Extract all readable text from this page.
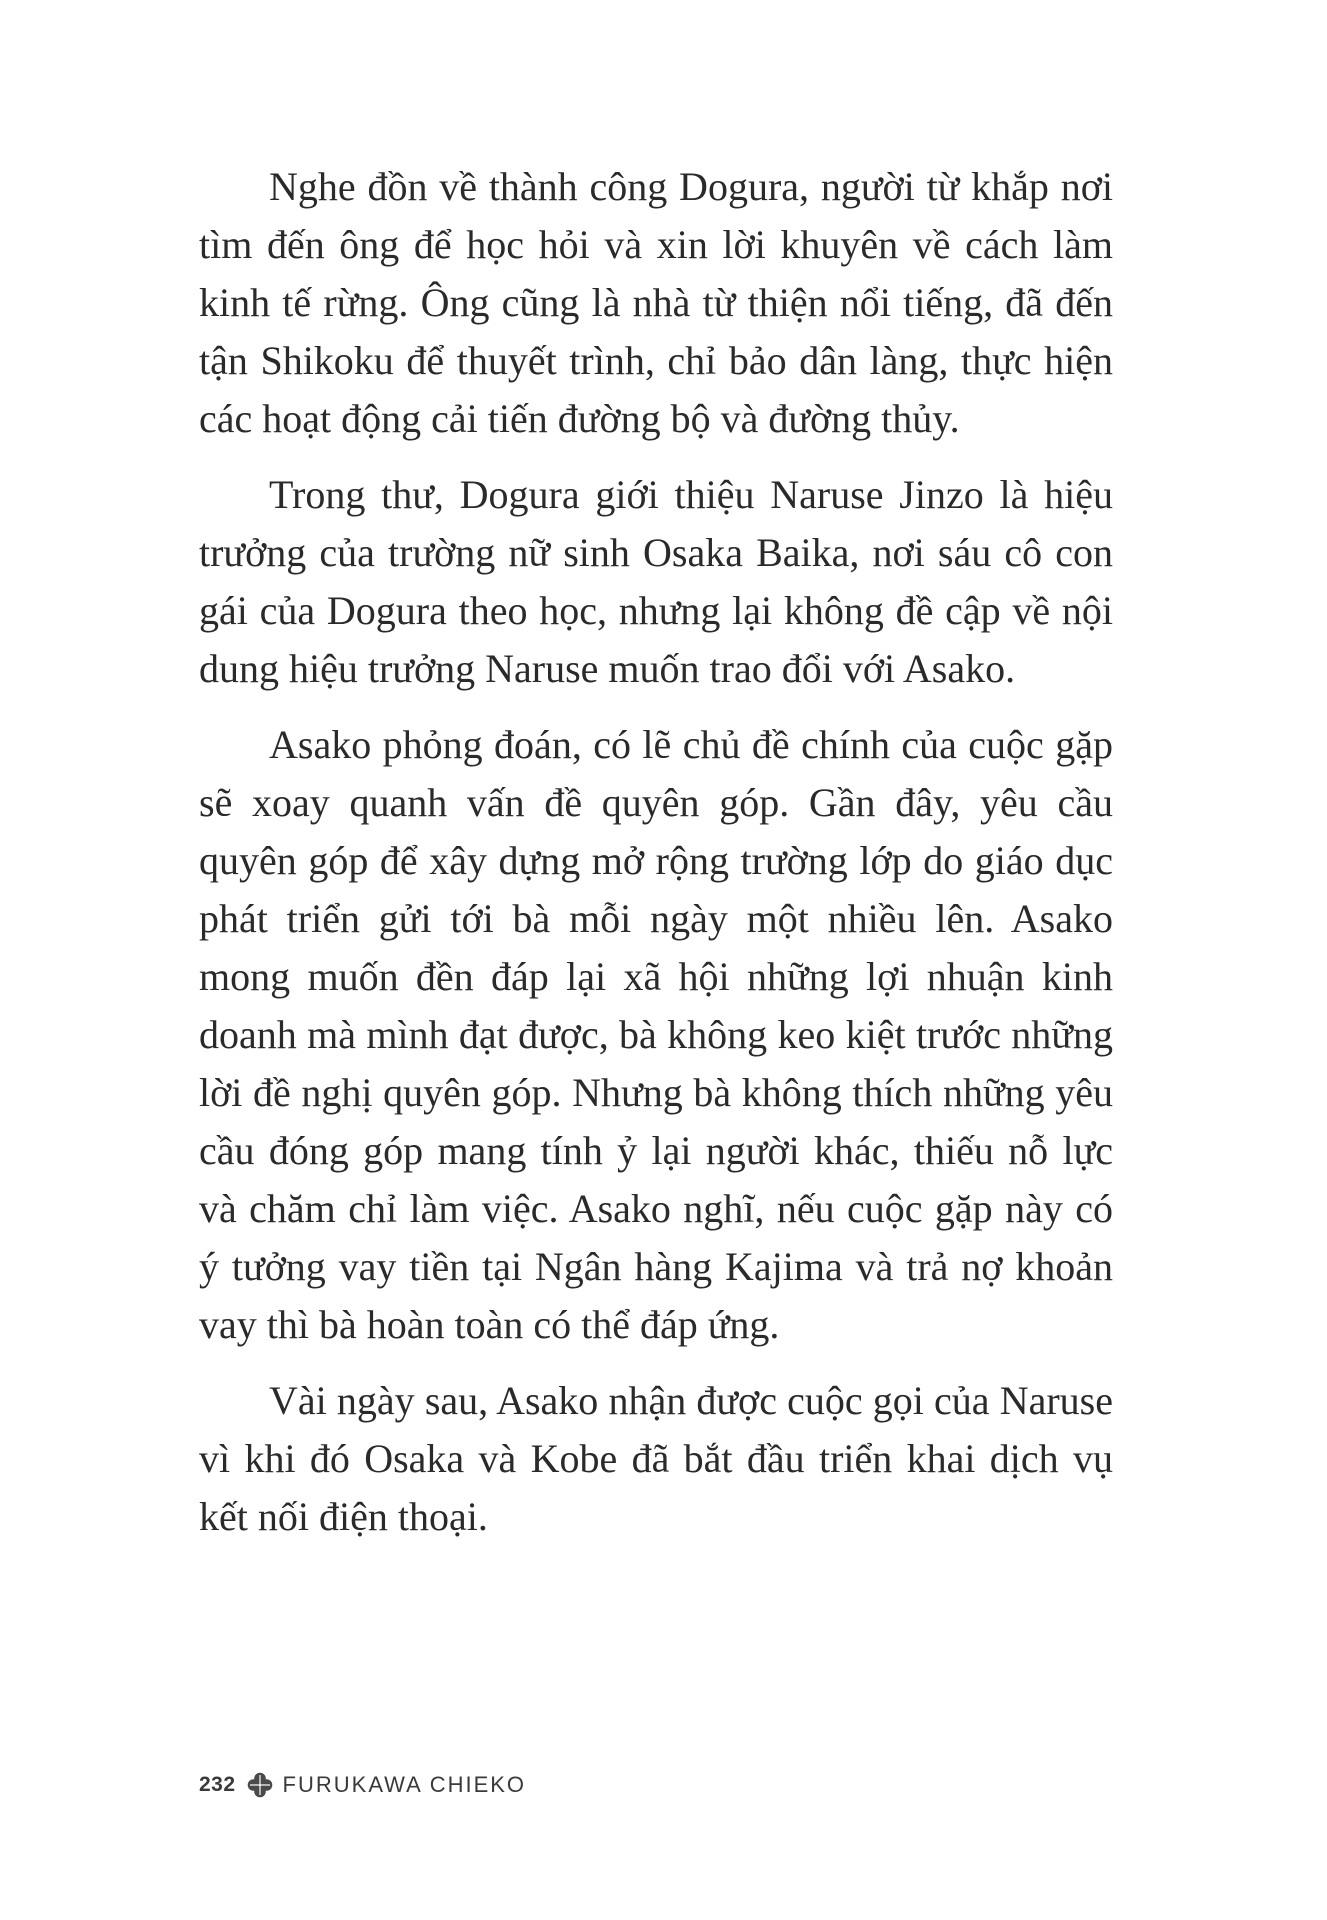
Nghe đồn về thành công Dogura, người từ khắp nơi tìm đến ông để học hỏi và xin lời khuyên về cách làm kinh tế rừng. Ông cũng là nhà từ thiện nổi tiếng, đã đến tận Shikoku để thuyết trình, chỉ bảo dân làng, thực hiện các hoạt động cải tiến đường bộ và đường thủy.

Trong thư, Dogura giới thiệu Naruse Jinzo là hiệu trưởng của trường nữ sinh Osaka Baika, nơi sáu cô con gái của Dogura theo học, nhưng lại không đề cập về nội dung hiệu trưởng Naruse muốn trao đổi với Asako.

Asako phỏng đoán, có lẽ chủ đề chính của cuộc gặp sẽ xoay quanh vấn đề quyên góp. Gần đây, yêu cầu quyên góp để xây dựng mở rộng trường lớp do giáo dục phát triển gửi tới bà mỗi ngày một nhiều lên. Asako mong muốn đền đáp lại xã hội những lợi nhuận kinh doanh mà mình đạt được, bà không keo kiệt trước những lời đề nghị quyên góp. Nhưng bà không thích những yêu cầu đóng góp mang tính ỷ lại người khác, thiếu nỗ lực và chăm chỉ làm việc. Asako nghĩ, nếu cuộc gặp này có ý tưởng vay tiền tại Ngân hàng Kajima và trả nợ khoản vay thì bà hoàn toàn có thể đáp ứng.

Vài ngày sau, Asako nhận được cuộc gọi của Naruse vì khi đó Osaka và Kobe đã bắt đầu triển khai dịch vụ kết nối điện thoại.

232 FURUKAWA CHIEKO
